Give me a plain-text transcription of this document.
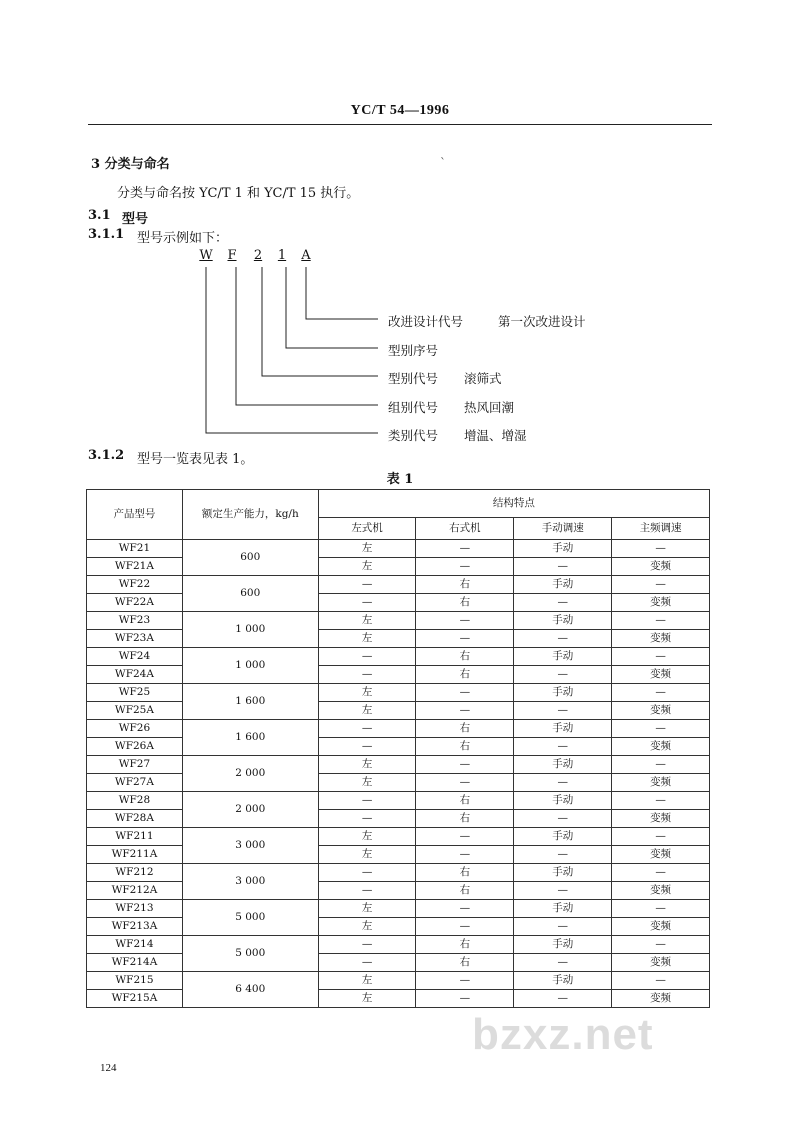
YC/T 54—1996
`
3 分类与命名
分类与命名按 YC/T 1 和 YC/T 15 执行。
3.1 型号
3.1.1 型号示例如下：
W	F	2	1	A
改进设计代号	第一次改进设计
型别序号
型别代号 滚筛式
组别代号 热风回潮
类别代号 增温、增湿
3.1.2 型号一览表见表 1。
表 1
产品型号	额定生产能力，kg/h	结构特点			
		左式机	右式机	手动调速	主频调速
WF21	600	左	—	手动	—
WF21A		左	—	—	变频
WF22	600	—	右	手动	—
WF22A		—	右	—	变频
WF23	1 000	左	—	手动	—
WF23A		左	—	—	变频
WF24	1 000	—	右	手动	—
WF24A		—	右	—	变频
WF25	1 600	左	—	手动	—
WF25A		左	—	—	变频
WF26	1 600	—	右	手动	—
WF26A		—	右	—	变频
WF27	2 000	左	—	手动	—
WF27A		左	—	—	变频
WF28	2 000	—	右	手动	—
WF28A		—	右	—	变频
WF211	3 000	左	—	手动	—
WF211A		左	—	—	变频
WF212	3 000	—	右	手动	—
WF212A		—	右	—	变频
WF213	5 000	左	—	手动	—
WF213A		左	—	—	变频
WF214	5 000	—	右	手动	—
WF214A		—	右	—	变频
WF215	6 400	左	—	手动	—
WF215A		左	—	—	变频
124
bzxz.net
